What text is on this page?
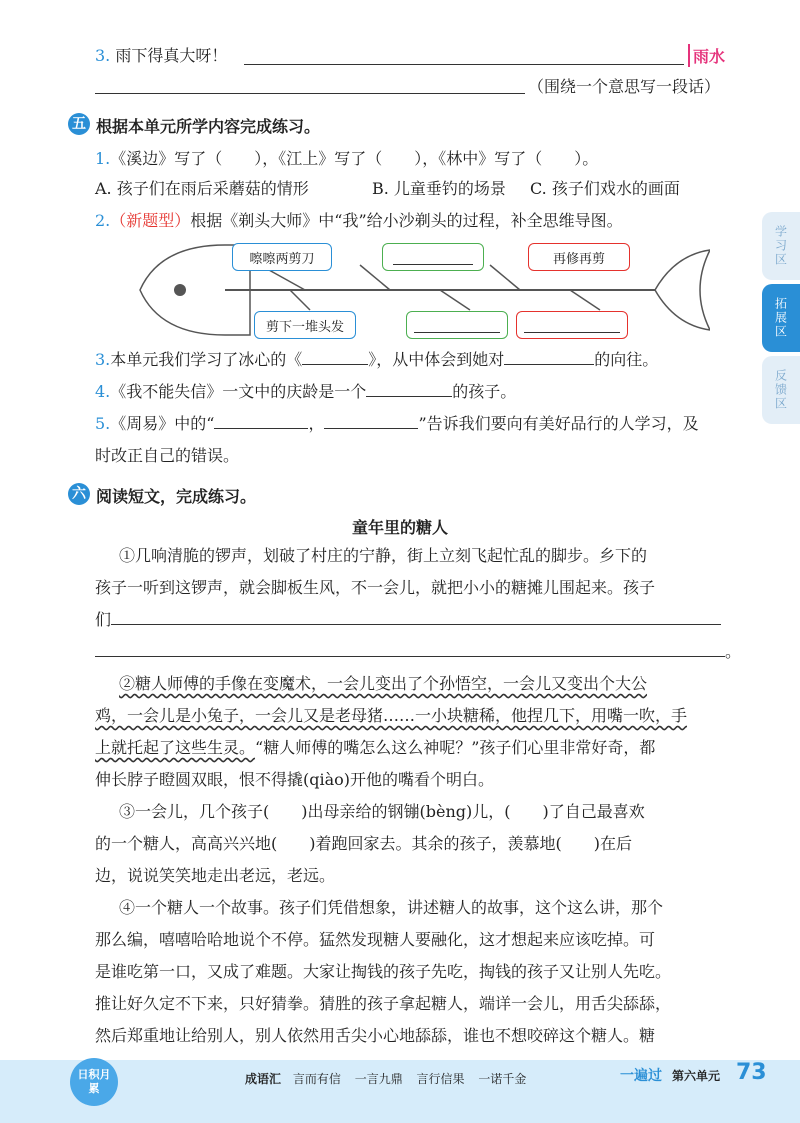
3. 雨下得真大呀！	雨水
（围绕一个意思写一段话）
五 根据本单元所学内容完成练习。
1.《溪边》写了（　　），《江上》写了（　　），《林中》写了（　　）。
A. 孩子们在雨后采蘑菇的情形	B. 儿童垂钓的场景 C. 孩子们戏水的画面
2.（新题型）根据《剃头大师》中“我”给小沙剃头的过程，补全思维导图。
嚓嚓两剪刀
剪下一堆头发
再修再剪
3.本单元我们学习了冰心的《	》，从中体会到她对	的向往。
4.《我不能失信》一文中的庆龄是一个	的孩子。
5.《周易》中的“	，	”告诉我们要向有美好品行的人学习，及
时改正自己的错误。
六 阅读短文，完成练习。
童年里的糖人
①几响清脆的锣声，划破了村庄的宁静，街上立刻飞起忙乱的脚步。乡下的
孩子一听到这锣声，就会脚板生风，不一会儿，就把小小的糖摊儿围起来。孩子
们
。
②糖人师傅的手像在变魔术，一会儿变出了个孙悟空，一会儿又变出个大公
鸡，一会儿是小兔子，一会儿又是老母猪……一小块糖稀，他捏几下，用嘴一吹，手
上就托起了这些生灵。“糖人师傅的嘴怎么这么神呢？”孩子们心里非常好奇，都
伸长脖子瞪圆双眼，恨不得撬(qiào)开他的嘴看个明白。
③一会儿，几个孩子(　　)出母亲给的钢镚(bèng)儿，(　　)了自己最喜欢
的一个糖人，高高兴兴地(　　)着跑回家去。其余的孩子，羡慕地(　　)在后
边，说说笑笑地走出老远，老远。
④一个糖人一个故事。孩子们凭借想象，讲述糖人的故事，这个这么讲，那个
那么编，嘻嘻哈哈地说个不停。猛然发现糖人要融化，这才想起来应该吃掉。可
是谁吃第一口，又成了难题。大家让掏钱的孩子先吃，掏钱的孩子又让别人先吃。
推让好久定不下来，只好猜拳。猜胜的孩子拿起糖人，端详一会儿，用舌尖舔舔，
然后郑重地让给别人，别人依然用舌尖小心地舔舔，谁也不想咬碎这个糖人。糖
学习区
拓展区
反馈区
日积月累
成语汇 言而有信 一言九鼎 言行信果 一诺千金	一遍过 第六单元 73
